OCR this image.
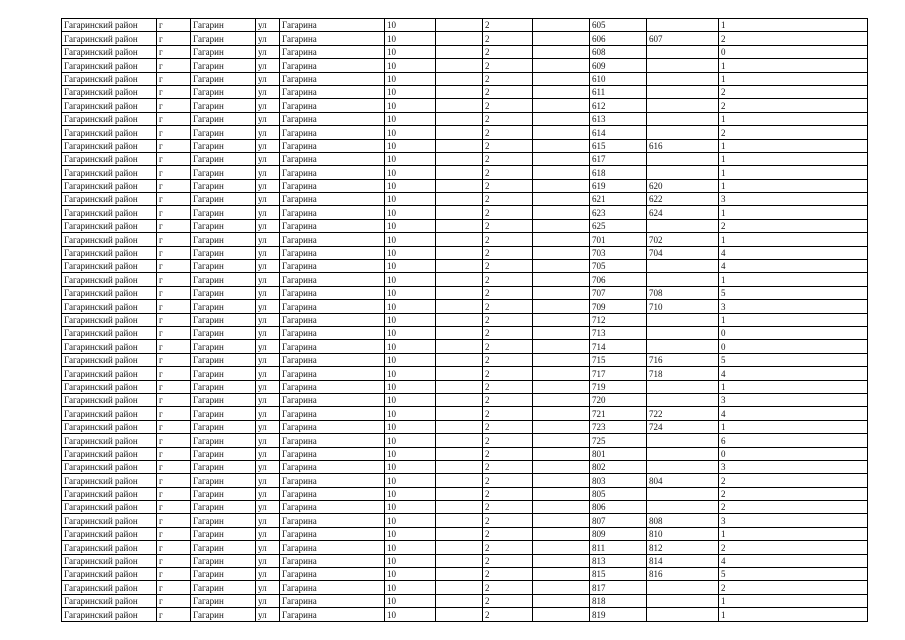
Гагаринский район	г	Гагарин	ул	Гагарина	10		2		605		1
Гагаринский район	г	Гагарин	ул	Гагарина	10		2		606	607	2
Гагаринский район	г	Гагарин	ул	Гагарина	10		2		608		0
Гагаринский район	г	Гагарин	ул	Гагарина	10		2		609		1
Гагаринский район	г	Гагарин	ул	Гагарина	10		2		610		1
Гагаринский район	г	Гагарин	ул	Гагарина	10		2		611		2
Гагаринский район	г	Гагарин	ул	Гагарина	10		2		612		2
Гагаринский район	г	Гагарин	ул	Гагарина	10		2		613		1
Гагаринский район	г	Гагарин	ул	Гагарина	10		2		614		2
Гагаринский район	г	Гагарин	ул	Гагарина	10		2		615	616	1
Гагаринский район	г	Гагарин	ул	Гагарина	10		2		617		1
Гагаринский район	г	Гагарин	ул	Гагарина	10		2		618		1
Гагаринский район	г	Гагарин	ул	Гагарина	10		2		619	620	1
Гагаринский район	г	Гагарин	ул	Гагарина	10		2		621	622	3
Гагаринский район	г	Гагарин	ул	Гагарина	10		2		623	624	1
Гагаринский район	г	Гагарин	ул	Гагарина	10		2		625		2
Гагаринский район	г	Гагарин	ул	Гагарина	10		2		701	702	1
Гагаринский район	г	Гагарин	ул	Гагарина	10		2		703	704	4
Гагаринский район	г	Гагарин	ул	Гагарина	10		2		705		4
Гагаринский район	г	Гагарин	ул	Гагарина	10		2		706		1
Гагаринский район	г	Гагарин	ул	Гагарина	10		2		707	708	5
Гагаринский район	г	Гагарин	ул	Гагарина	10		2		709	710	3
Гагаринский район	г	Гагарин	ул	Гагарина	10		2		712		1
Гагаринский район	г	Гагарин	ул	Гагарина	10		2		713		0
Гагаринский район	г	Гагарин	ул	Гагарина	10		2		714		0
Гагаринский район	г	Гагарин	ул	Гагарина	10		2		715	716	5
Гагаринский район	г	Гагарин	ул	Гагарина	10		2		717	718	4
Гагаринский район	г	Гагарин	ул	Гагарина	10		2		719		1
Гагаринский район	г	Гагарин	ул	Гагарина	10		2		720		3
Гагаринский район	г	Гагарин	ул	Гагарина	10		2		721	722	4
Гагаринский район	г	Гагарин	ул	Гагарина	10		2		723	724	1
Гагаринский район	г	Гагарин	ул	Гагарина	10		2		725		6
Гагаринский район	г	Гагарин	ул	Гагарина	10		2		801		0
Гагаринский район	г	Гагарин	ул	Гагарина	10		2		802		3
Гагаринский район	г	Гагарин	ул	Гагарина	10		2		803	804	2
Гагаринский район	г	Гагарин	ул	Гагарина	10		2		805		2
Гагаринский район	г	Гагарин	ул	Гагарина	10		2		806		2
Гагаринский район	г	Гагарин	ул	Гагарина	10		2		807	808	3
Гагаринский район	г	Гагарин	ул	Гагарина	10		2		809	810	1
Гагаринский район	г	Гагарин	ул	Гагарина	10		2		811	812	2
Гагаринский район	г	Гагарин	ул	Гагарина	10		2		813	814	4
Гагаринский район	г	Гагарин	ул	Гагарина	10		2		815	816	5
Гагаринский район	г	Гагарин	ул	Гагарина	10		2		817		2
Гагаринский район	г	Гагарин	ул	Гагарина	10		2		818		1
Гагаринский район	г	Гагарин	ул	Гагарина	10		2		819		1
